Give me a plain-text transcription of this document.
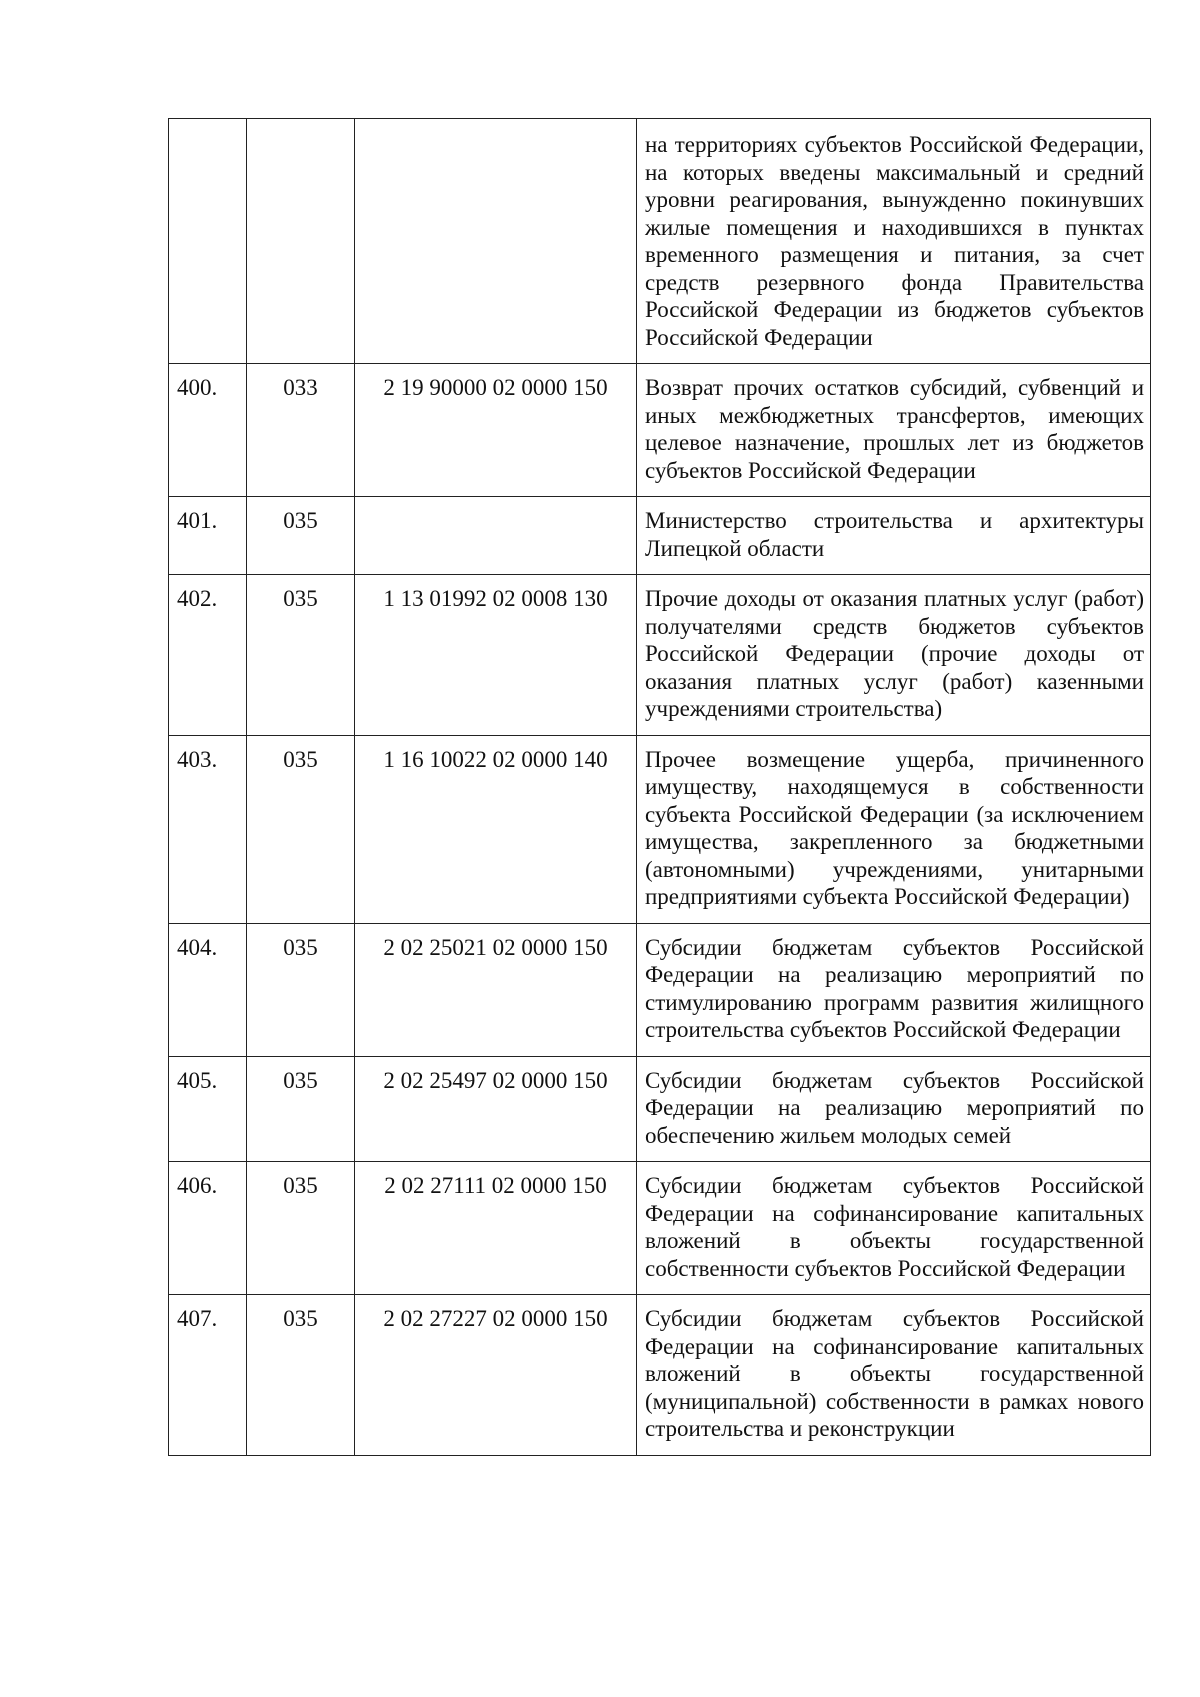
			на территориях субъектов Российской Федерации, на которых введены максимальный и средний уровни реагирования, вынужденно покинувших жилые помещения и находившихся в пунктах временного размещения и питания, за счет средств резервного фонда Правительства Российской Федерации из бюджетов субъектов Российской Федерации
400.	033	2 19 90000 02 0000 150	Возврат прочих остатков субсидий, субвенций и иных межбюджетных трансфертов, имеющих целевое назначение, прошлых лет из бюджетов субъектов Российской Федерации
401.	035		Министерство строительства и архитектуры Липецкой области
402.	035	1 13 01992 02 0008 130	Прочие доходы от оказания платных услуг (работ) получателями средств бюджетов субъектов Российской Федерации (прочие доходы от оказания платных услуг (работ) казенными учреждениями строительства)
403.	035	1 16 10022 02 0000 140	Прочее возмещение ущерба, причиненного имуществу, находящемуся в собственности субъекта Российской Федерации (за исключением имущества, закрепленного за бюджетными (автономными) учреждениями, унитарными предприятиями субъекта Российской Федерации)
404.	035	2 02 25021 02 0000 150	Субсидии бюджетам субъектов Российской Федерации на реализацию мероприятий по стимулированию программ развития жилищного строительства субъектов Российской Федерации
405.	035	2 02 25497 02 0000 150	Субсидии бюджетам субъектов Российской Федерации на реализацию мероприятий по обеспечению жильем молодых семей
406.	035	2 02 27111 02 0000 150	Субсидии бюджетам субъектов Российской Федерации на софинансирование капитальных вложений в объекты государственной собственности субъектов Российской Федерации
407.	035	2 02 27227 02 0000 150	Субсидии бюджетам субъектов Российской Федерации на софинансирование капитальных вложений в объекты государственной (муниципальной) собственности в рамках нового строительства и реконструкции
